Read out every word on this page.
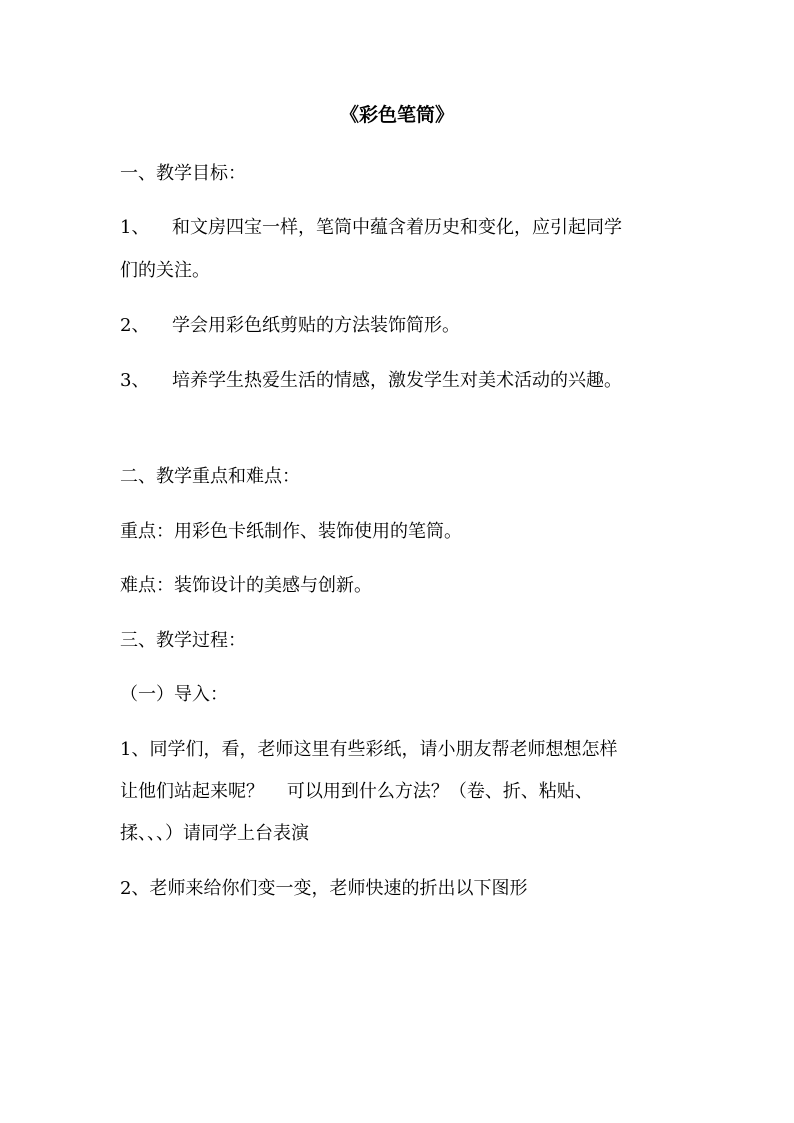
《彩色笔筒》
一、教学目标：
1、 和文房四宝一样，笔筒中蕴含着历史和变化，应引起同学
们的关注。
2、 学会用彩色纸剪贴的方法装饰简形。
3、 培养学生热爱生活的情感，激发学生对美术活动的兴趣。
二、教学重点和难点：
重点：用彩色卡纸制作、装饰使用的笔筒。
难点：装饰设计的美感与创新。
三、教学过程：
（一）导入：
1、同学们，看，老师这里有些彩纸，请小朋友帮老师想想怎样
让他们站起来呢？    可以用到什么方法？（卷、折、粘贴、
揉、、、）请同学上台表演
2、老师来给你们变一变，老师快速的折出以下图形
